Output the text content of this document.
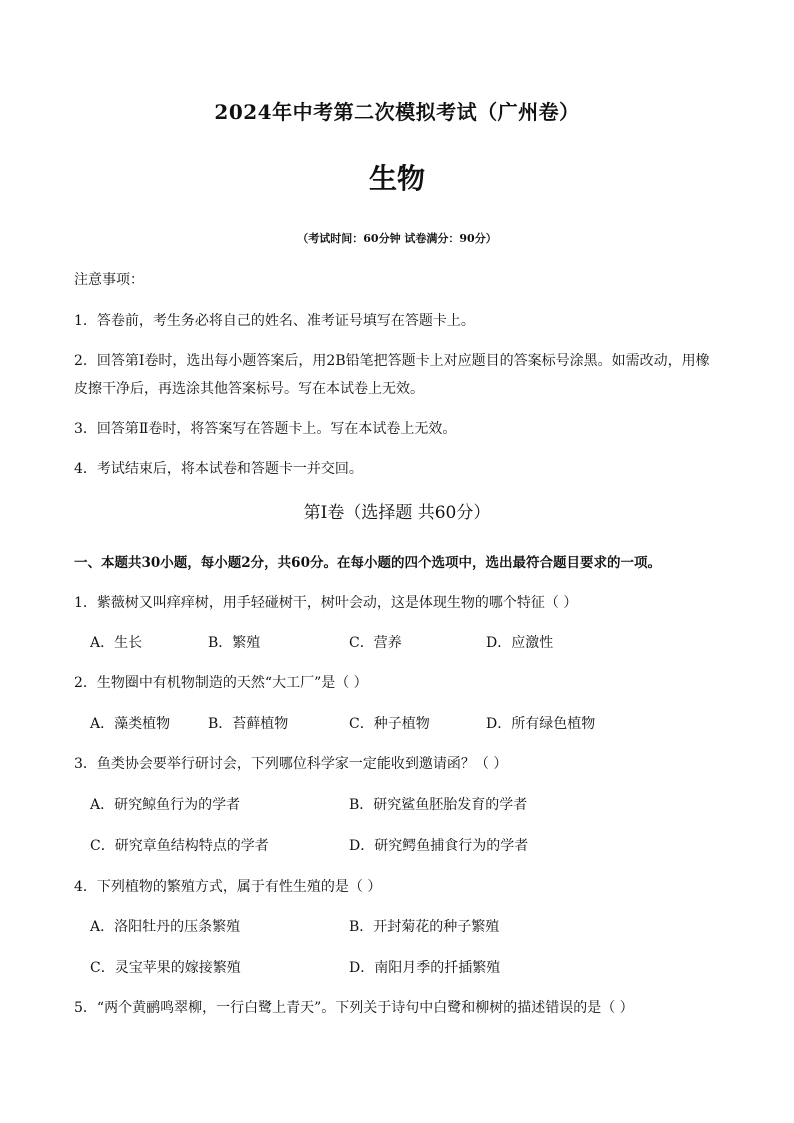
2024年中考第二次模拟考试（广州卷）
生物
（考试时间：60分钟 试卷满分：90分）
注意事项：
1．答卷前，考生务必将自己的姓名、准考证号填写在答题卡上。
2．回答第Ⅰ卷时，选出每小题答案后，用2B铅笔把答题卡上对应题目的答案标号涂黑。如需改动，用橡
皮擦干净后，再选涂其他答案标号。写在本试卷上无效。
3．回答第Ⅱ卷时，将答案写在答题卡上。写在本试卷上无效。
4．考试结束后，将本试卷和答题卡一并交回。
第Ⅰ卷（选择题 共60分）
一、本题共30小题，每小题2分，共60分。在每小题的四个选项中，选出最符合题目要求的一项。
1．紫薇树又叫痒痒树，用手轻碰树干，树叶会动，这是体现生物的哪个特征（ ）
A．生长	B．繁殖	C．营养	D．应激性
2．生物圈中有机物制造的天然“大工厂”是（ ）
A．藻类植物	B．苔藓植物	C．种子植物	D．所有绿色植物
3．鱼类协会要举行研讨会，下列哪位科学家一定能收到邀请函？（ ）
A．研究鲸鱼行为的学者	B．研究鲨鱼胚胎发育的学者
C．研究章鱼结构特点的学者	D．研究鳄鱼捕食行为的学者
4．下列植物的繁殖方式，属于有性生殖的是（ ）
A．洛阳牡丹的压条繁殖	B．开封菊花的种子繁殖
C．灵宝苹果的嫁接繁殖	D．南阳月季的扦插繁殖
5．“两个黄鹂鸣翠柳，一行白鹭上青天”。下列关于诗句中白鹭和柳树的描述错误的是（ ）
